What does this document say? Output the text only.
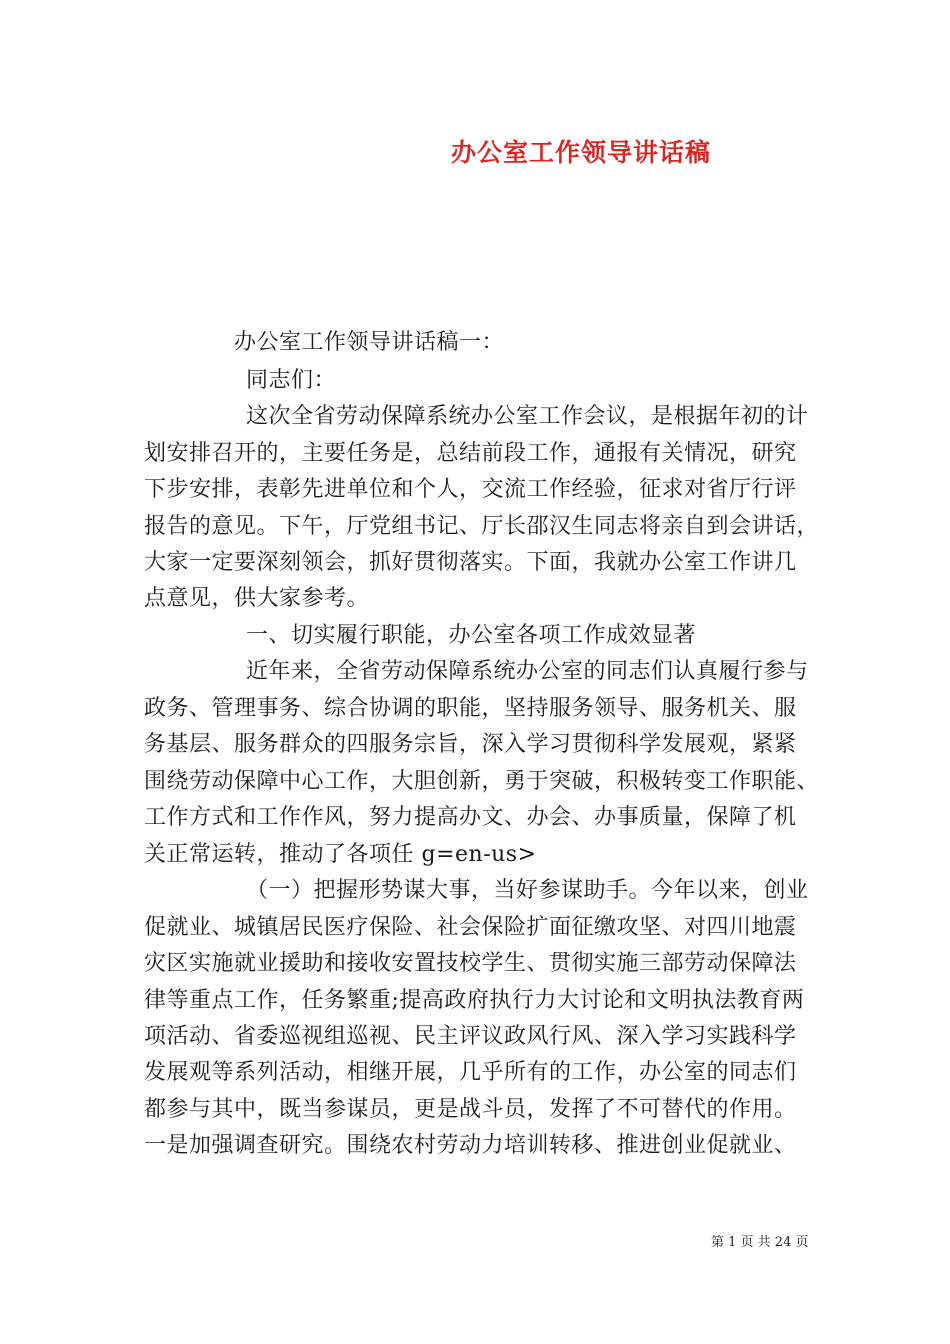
办公室工作领导讲话稿
办公室工作领导讲话稿一：
同志们：
这次全省劳动保障系统办公室工作会议，是根据年初的计
划安排召开的，主要任务是，总结前段工作，通报有关情况，研究
下步安排，表彰先进单位和个人，交流工作经验，征求对省厅行评
报告的意见。下午，厅党组书记、厅长邵汉生同志将亲自到会讲话，
大家一定要深刻领会，抓好贯彻落实。下面，我就办公室工作讲几
点意见，供大家参考。
一、切实履行职能，办公室各项工作成效显著
近年来，全省劳动保障系统办公室的同志们认真履行参与
政务、管理事务、综合协调的职能，坚持服务领导、服务机关、服
务基层、服务群众的四服务宗旨，深入学习贯彻科学发展观，紧紧
围绕劳动保障中心工作，大胆创新，勇于突破，积极转变工作职能、
工作方式和工作作风，努力提高办文、办会、办事质量，保障了机
关正常运转，推动了各项任 g=en-us>
（一）把握形势谋大事，当好参谋助手。今年以来，创业
促就业、城镇居民医疗保险、社会保险扩面征缴攻坚、对四川地震
灾区实施就业援助和接收安置技校学生、贯彻实施三部劳动保障法
律等重点工作，任务繁重;提高政府执行力大讨论和文明执法教育两
项活动、省委巡视组巡视、民主评议政风行风、深入学习实践科学
发展观等系列活动，相继开展，几乎所有的工作，办公室的同志们
都参与其中，既当参谋员，更是战斗员，发挥了不可替代的作用。
一是加强调查研究。围绕农村劳动力培训转移、推进创业促就业、
第 1 页 共 24 页
